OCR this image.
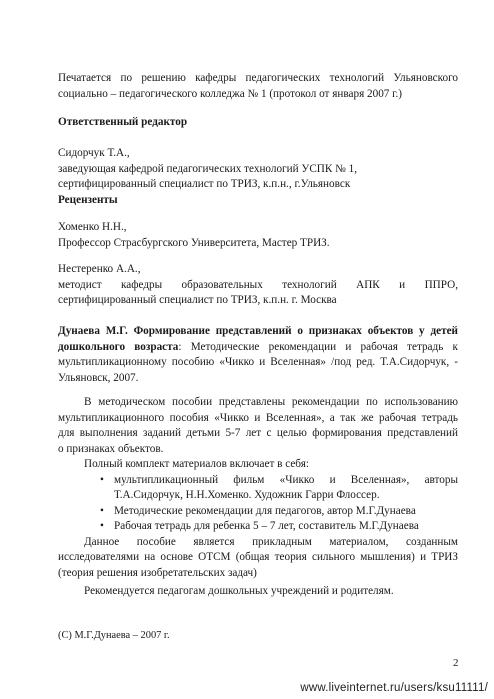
Печатается по решению кафедры педагогических технологий Ульяновского

социально – педагогического колледжа № 1 (протокол от января 2007 г.)

Ответственный редактор

Сидорчук Т.А.,

заведующая кафедрой педагогических технологий УСПК № 1,

сертифицированный специалист по ТРИЗ, к.п.н., г.Ульяновск

Рецензенты

Хоменко Н.Н.,

Профессор Страсбургского Университета, Мастер ТРИЗ.

Нестеренко А.А.,

методист кафедры образовательных технологий АПК и ППРО,

сертифицированный специалист по ТРИЗ, к.п.н. г. Москва

Дунаева М.Г. Формирование представлений о признаках объектов у детей

дошкольного возраста: Методические рекомендации и рабочая тетрадь к

мультипликационному пособию «Чикко и Вселенная» /под ред. Т.А.Сидорчук, -

Ульяновск, 2007.

В методическом пособии представлены рекомендации по использованию

мультипликационного пособия «Чикко и Вселенная», а так же рабочая тетрадь

для выполнения заданий детьми 5-7 лет с целью формирования представлений

о признаках объектов.

Полный комплект материалов включает в себя:

• мультипликационный фильм «Чикко и Вселенная», авторы

Т.А.Сидорчук, Н.Н.Хоменко. Художник Гарри Флоссер.

• Методические рекомендации для педагогов, автор М.Г.Дунаева

• Рабочая тетрадь для ребенка 5 – 7 лет, составитель М.Г.Дунаева

Данное пособие является прикладным материалом, созданным

исследователями на основе ОТСМ (общая теория сильного мышления) и ТРИЗ

(теория решения изобретательских задач)

Рекомендуется педагогам дошкольных учреждений и родителям.

(С) М.Г.Дунаева – 2007 г.

2
www.liveinternet.ru/users/ksu11111/
